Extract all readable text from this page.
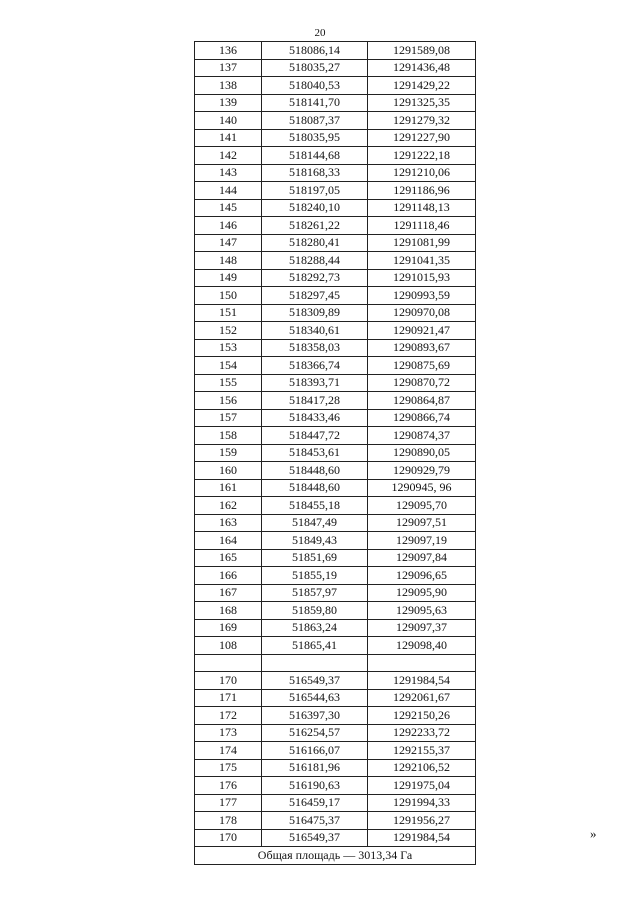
20
136	518086,14	1291589,08
137	518035,27	1291436,48
138	518040,53	1291429,22
139	518141,70	1291325,35
140	518087,37	1291279,32
141	518035,95	1291227,90
142	518144,68	1291222,18
143	518168,33	1291210,06
144	518197,05	1291186,96
145	518240,10	1291148,13
146	518261,22	1291118,46
147	518280,41	1291081,99
148	518288,44	1291041,35
149	518292,73	1291015,93
150	518297,45	1290993,59
151	518309,89	1290970,08
152	518340,61	1290921,47
153	518358,03	1290893,67
154	518366,74	1290875,69
155	518393,71	1290870,72
156	518417,28	1290864,87
157	518433,46	1290866,74
158	518447,72	1290874,37
159	518453,61	1290890,05
160	518448,60	1290929,79
161	518448,60	1290945, 96
162	518455,18	129095,70
163	51847,49	129097,51
164	51849,43	129097,19
165	51851,69	129097,84
166	51855,19	129096,65
167	51857,97	129095,90
168	51859,80	129095,63
169	51863,24	129097,37
108	51865,41	129098,40

170	516549,37	1291984,54
171	516544,63	1292061,67
172	516397,30	1292150,26
173	516254,57	1292233,72
174	516166,07	1292155,37
175	516181,96	1292106,52
176	516190,63	1291975,04
177	516459,17	1291994,33
178	516475,37	1291956,27
170	516549,37	1291984,54
Общая площадь — 3013,34 Га		
»
